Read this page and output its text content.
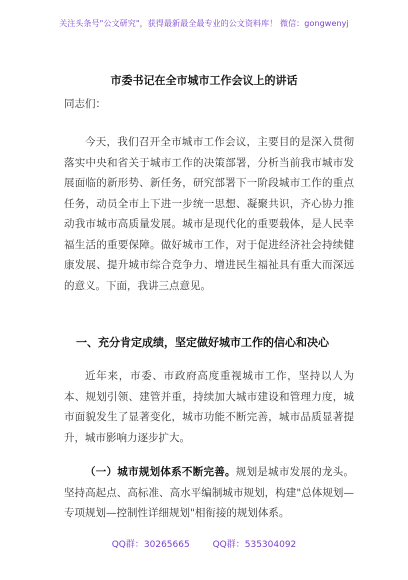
关注头条号"公文研究"，获得最新最全最专业的公文资料库！ 微信：gongwenyj
市委书记在全市城市工作会议上的讲话
同志们：

今天，我们召开全市城市工作会议，主要目的是深入贯彻落实中央和省关于城市工作的决策部署，分析当前我市城市发展面临的新形势、新任务，研究部署下一阶段城市工作的重点任务，动员全市上下进一步统一思想、凝聚共识，齐心协力推动我市城市高质量发展。城市是现代化的重要载体，是人民幸福生活的重要保障。做好城市工作，对于促进经济社会持续健康发展、提升城市综合竞争力、增进民生福祉具有重大而深远的意义。下面，我讲三点意见。

一、充分肯定成绩，坚定做好城市工作的信心和决心

近年来，市委、市政府高度重视城市工作，坚持以人为本、规划引领、建管并重，持续加大城市建设和管理力度，城市面貌发生了显著变化，城市功能不断完善，城市品质显著提升，城市影响力逐步扩大。

（一）城市规划体系不断完善。规划是城市发展的龙头。坚持高起点、高标准、高水平编制城市规划，构建"总体规划—专项规划—控制性详细规划"相衔接的规划体系。

QQ群：30265665	QQ群：535304092
